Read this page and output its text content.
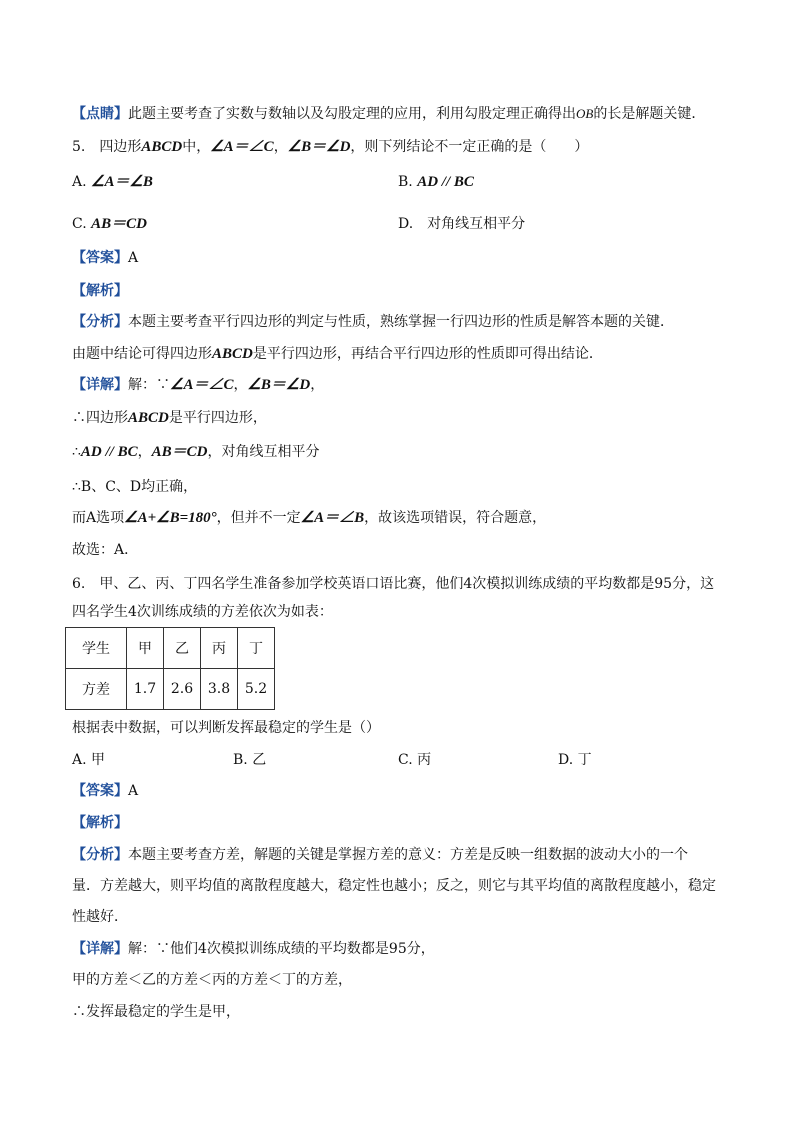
【点睛】此题主要考查了实数与数轴以及勾股定理的应用，利用勾股定理正确得出OB的长是解题关键．
5.　四边形ABCD中，∠A＝∠C，∠B＝∠D，则下列结论不一定正确的是（　　）
A. ∠A＝∠B	B. AD // BC
C. AB＝CD	D.　对角线互相平分
【答案】A
【解析】
【分析】本题主要考查平行四边形的判定与性质，熟练掌握一行四边形的性质是解答本题的关键．
由题中结论可得四边形ABCD是平行四边形，再结合平行四边形的性质即可得出结论．
【详解】解：∵∠A＝∠C，∠B＝∠D，
∴四边形ABCD是平行四边形，
∴AD // BC，AB＝CD，对角线互相平分
∴B、C、D均正确，
而A选项∠A+∠B=180°，但并不一定∠A＝∠B，故该选项错误，符合题意，
故选：A．
6.　甲、乙、丙、丁四名学生准备参加学校英语口语比赛，他们4次模拟训练成绩的平均数都是95分，这
四名学生4次训练成绩的方差依次为如表：
学生	甲	乙	丙	丁
方差	1.7	2.6	3.8	5.2
根据表中数据，可以判断发挥最稳定的学生是（）
A. 甲	B. 乙	C. 丙	D. 丁
【答案】A
【解析】
【分析】本题主要考查方差，解题的关键是掌握方差的意义：方差是反映一组数据的波动大小的一个
量．方差越大，则平均值的离散程度越大，稳定性也越小；反之，则它与其平均值的离散程度越小，稳定
性越好．
【详解】解：∵他们4次模拟训练成绩的平均数都是95分，
甲的方差＜乙的方差＜丙的方差＜丁的方差，
∴发挥最稳定的学生是甲，
